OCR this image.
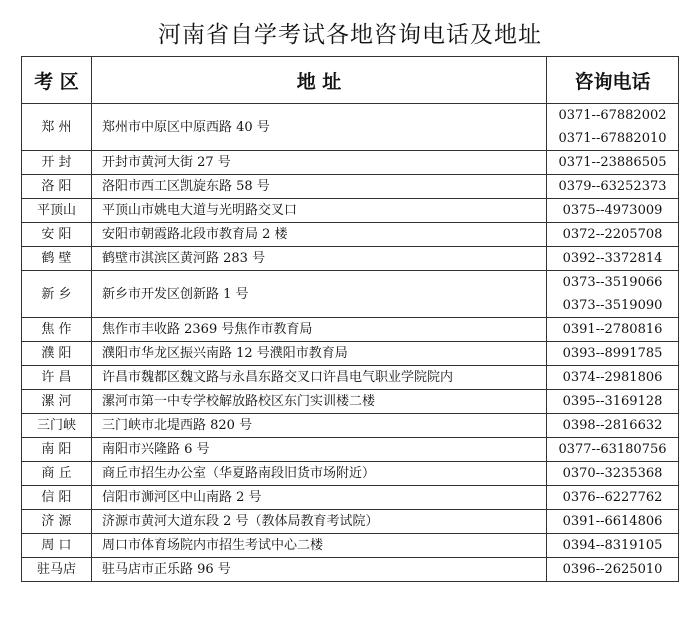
河南省自学考试各地咨询电话及地址
考 区	地 址	咨询电话
郑 州	郑州市中原区中原西路 40 号	0371--67882002
0371--67882010

开 封	开封市黄河大街 27 号	0371--23886505

洛 阳	洛阳市西工区凯旋东路 58 号	0379--63252373

平顶山	平顶山市姚电大道与光明路交叉口	0375--4973009

安 阳	安阳市朝霞路北段市教育局 2 楼	0372--2205708

鹤 壁	鹤壁市淇滨区黄河路 283 号	0392--3372814

新 乡	新乡市开发区创新路 1 号	0373--3519066
0373--3519090

焦 作	焦作市丰收路 2369 号焦作市教育局	0391--2780816

濮 阳	濮阳市华龙区振兴南路 12 号濮阳市教育局	0393--8991785

许 昌	许昌市魏都区魏文路与永昌东路交叉口许昌电气职业学院院内	0374--2981806

漯 河	漯河市第一中专学校解放路校区东门实训楼二楼	0395--3169128

三门峡	三门峡市北堤西路 820 号	0398--2816632

南 阳	南阳市兴隆路 6 号	0377--63180756

商 丘	商丘市招生办公室（华夏路南段旧货市场附近）	0370--3235368

信 阳	信阳市浉河区中山南路 2 号	0376--6227762

济 源	济源市黄河大道东段 2 号（教体局教育考试院）	0391--6614806

周 口	周口市体育场院内市招生考试中心二楼	0394--8319105

驻马店	驻马店市正乐路 96 号	0396--2625010
